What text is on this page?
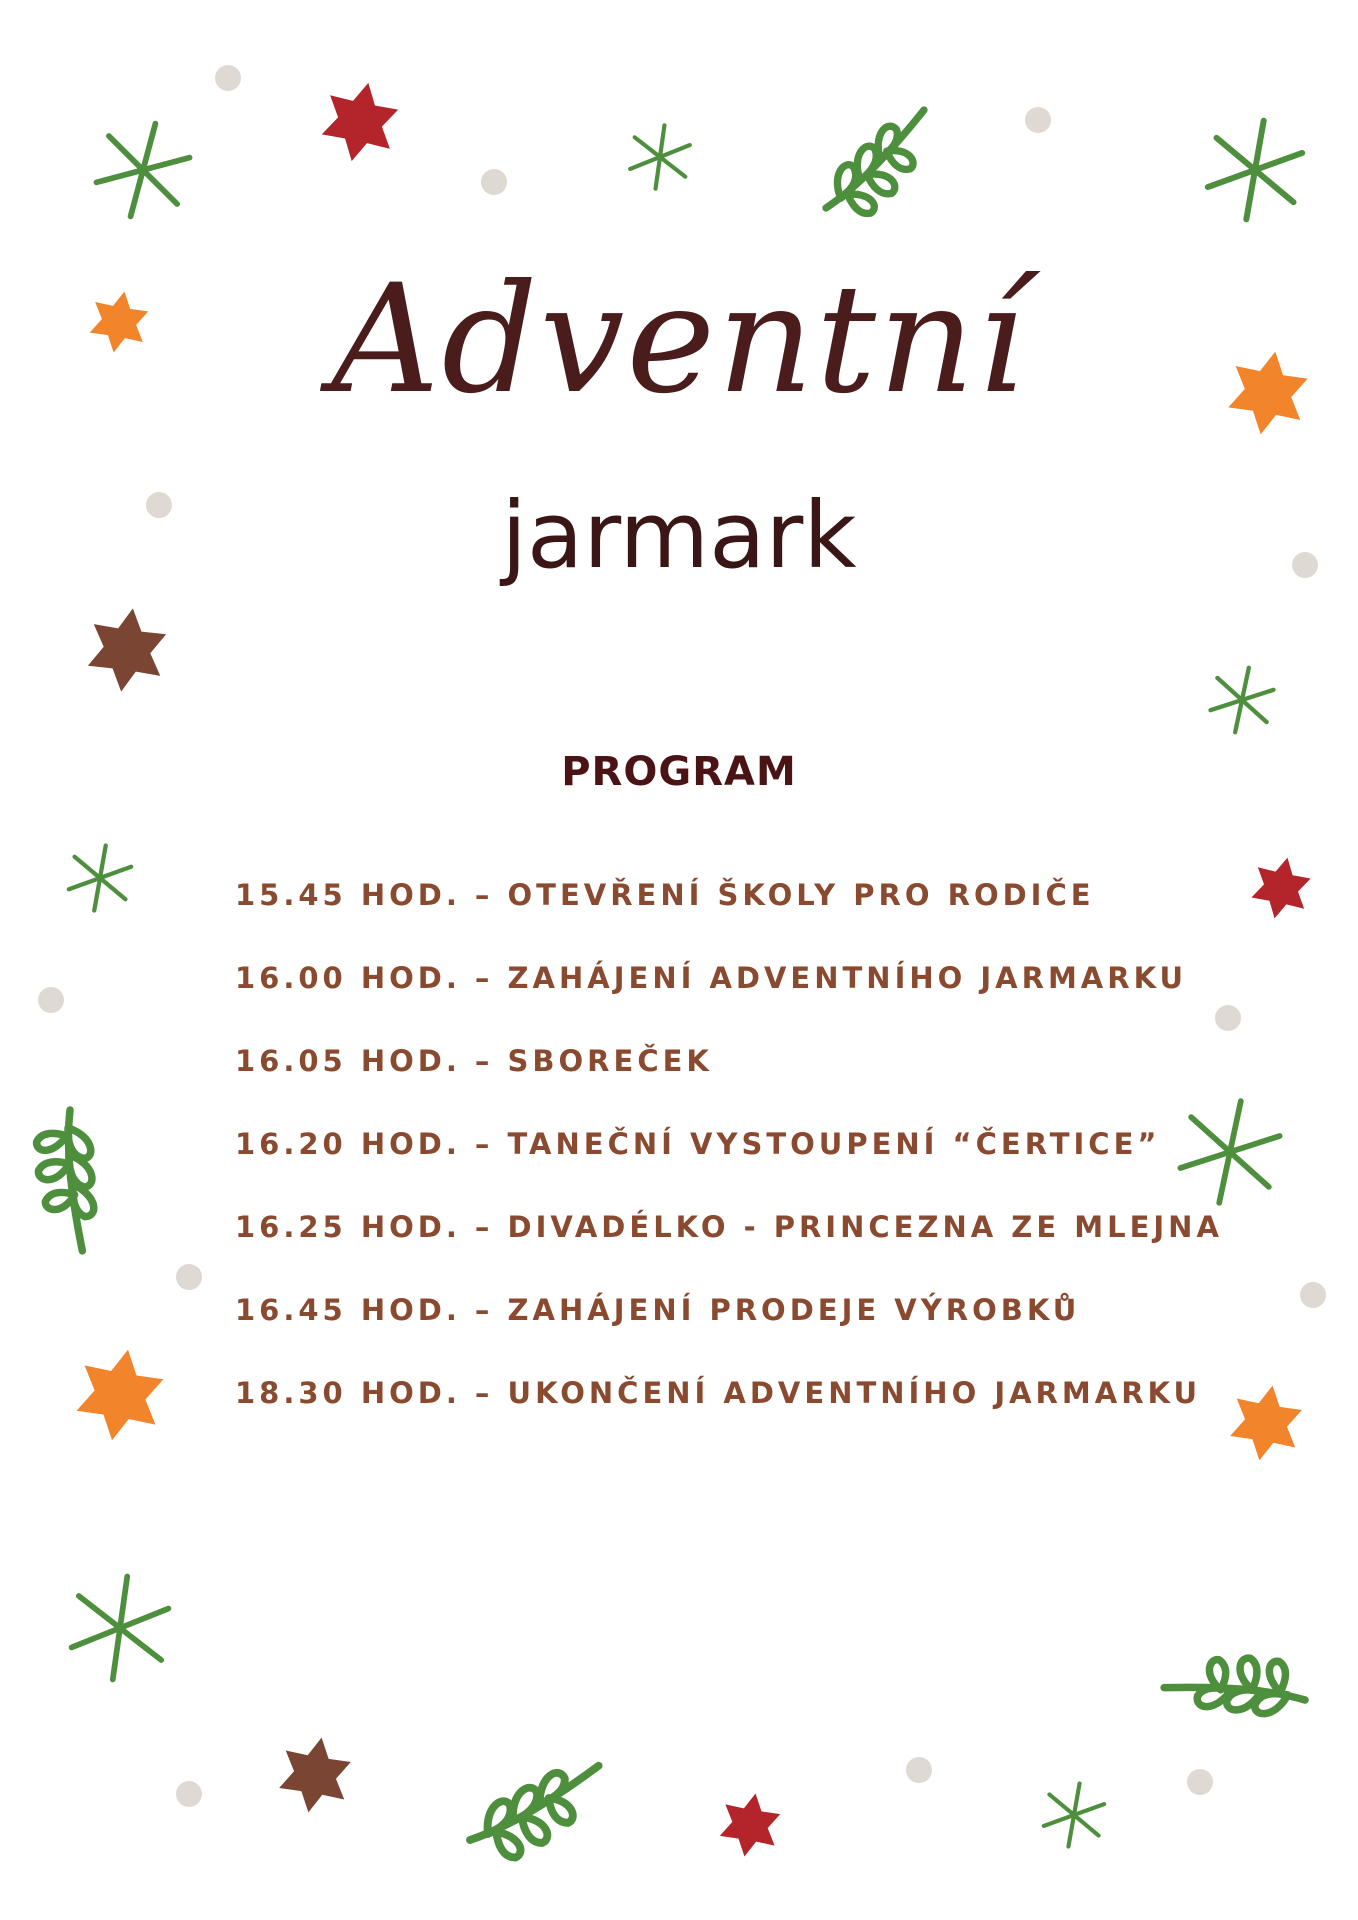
Adventní
jarmark
PROGRAM
15.45 HOD. – OTEVŘENÍ ŠKOLY PRO RODIČE
16.00 HOD. – ZAHÁJENÍ ADVENTNÍHO JARMARKU
16.05 HOD. – SBOREČEK
16.20 HOD. – TANEČNÍ VYSTOUPENÍ “ČERTICE”
16.25 HOD. – DIVADÉLKO - PRINCEZNA ZE MLEJNA
16.45 HOD. – ZAHÁJENÍ PRODEJE VÝROBKŮ
18.30 HOD. – UKONČENÍ ADVENTNÍHO JARMARKU
